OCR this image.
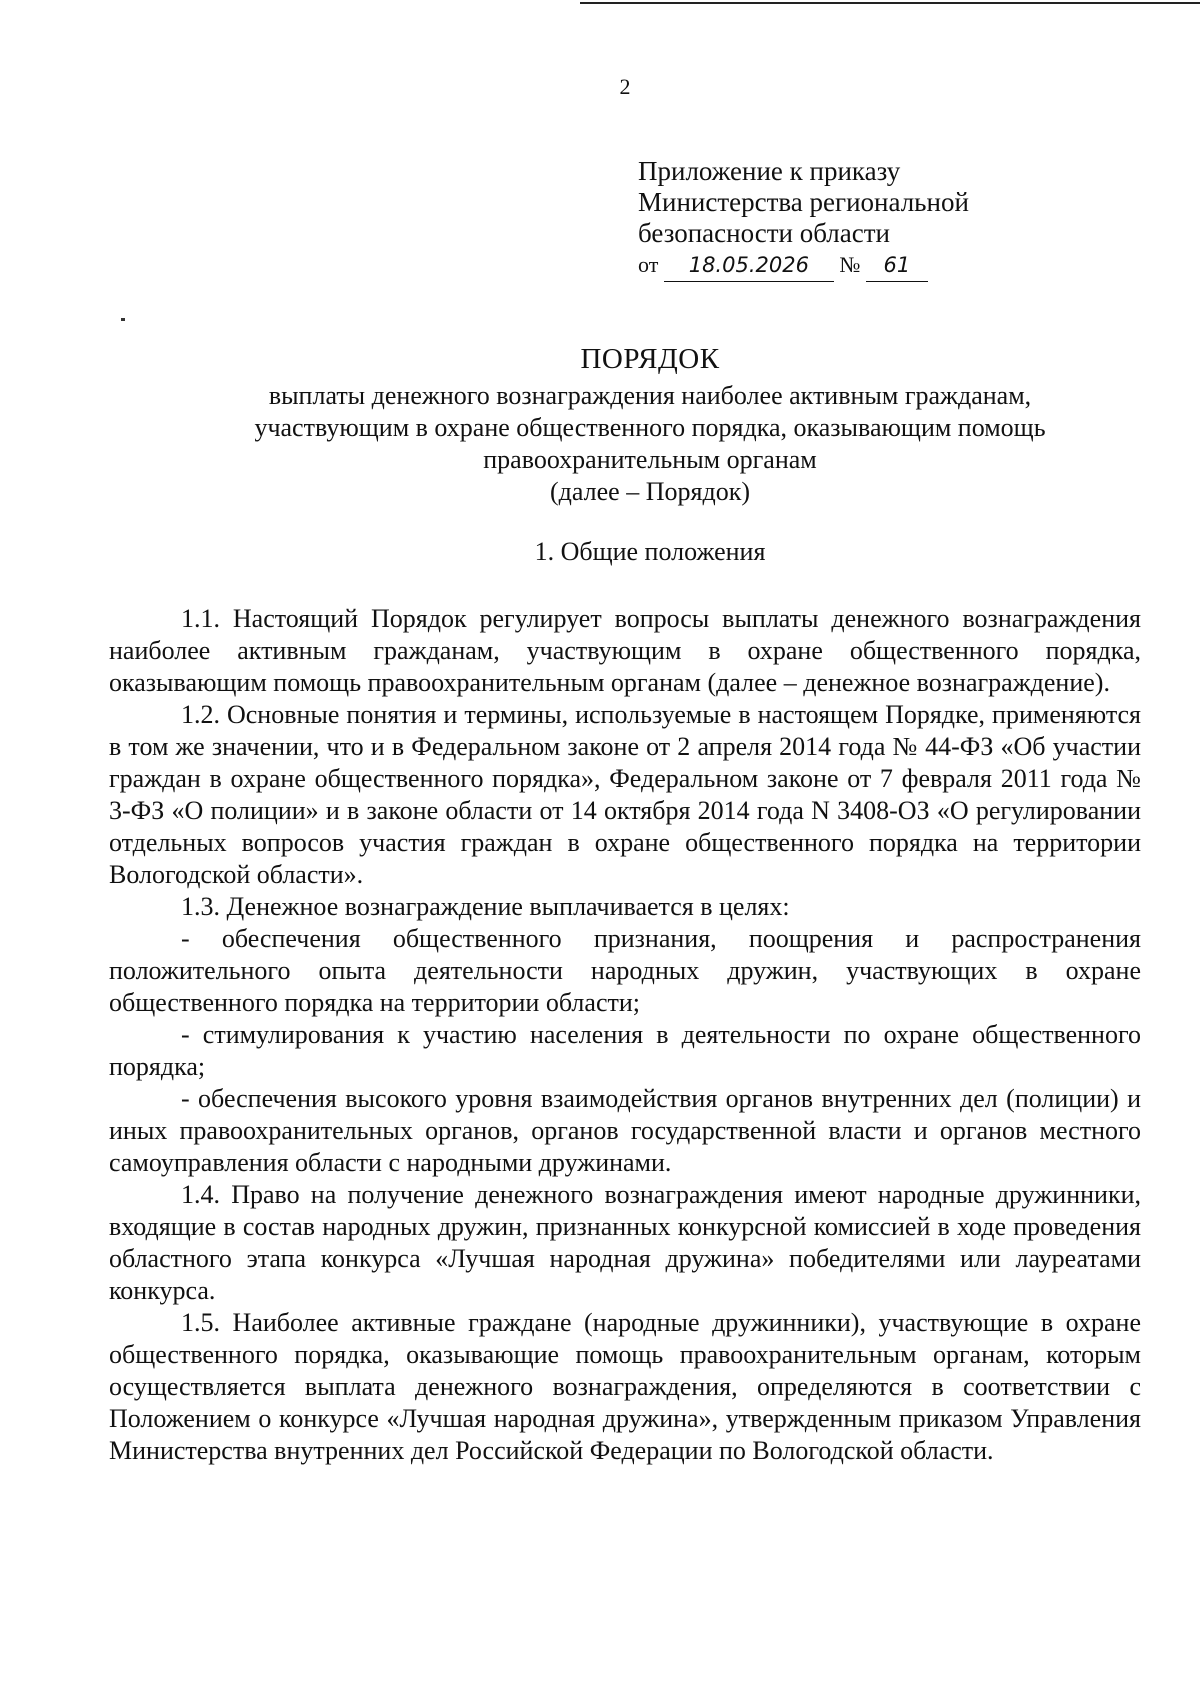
2
Приложение к приказу
Министерства региональной
безопасности области
от 18.05.2026 № 61
ПОРЯДОК
выплаты денежного вознаграждения наиболее активным гражданам,
участвующим в охране общественного порядка, оказывающим помощь
правоохранительным органам
(далее – Порядок)
1. Общие положения

1.1. Настоящий Порядок регулирует вопросы выплаты денежного вознаграждения наиболее активным гражданам, участвующим в охране общественного порядка, оказывающим помощь правоохранительным органам (далее – денежное вознаграждение).

1.2. Основные понятия и термины, используемые в настоящем Порядке, применяются в том же значении, что и в Федеральном законе от 2 апреля 2014 года № 44-ФЗ «Об участии граждан в охране общественного порядка», Федеральном законе от 7 февраля 2011 года № 3-ФЗ «О полиции» и в законе области от 14 октября 2014 года N 3408-ОЗ «О регулировании отдельных вопросов участия граждан в охране общественного порядка на территории Вологодской области».

1.3. Денежное вознаграждение выплачивается в целях:

- обеспечения общественного признания, поощрения и распространения положительного опыта деятельности народных дружин, участвующих в охране общественного порядка на территории области;

- стимулирования к участию населения в деятельности по охране общественного порядка;

- обеспечения высокого уровня взаимодействия органов внутренних дел (полиции) и иных правоохранительных органов, органов государственной власти и органов местного самоуправления области с народными дружинами.

1.4. Право на получение денежного вознаграждения имеют народные дружинники, входящие в состав народных дружин, признанных конкурсной комиссией в ходе проведения областного этапа конкурса «Лучшая народная дружина» победителями или лауреатами конкурса.

1.5. Наиболее активные граждане (народные дружинники), участвующие в охране общественного порядка, оказывающие помощь правоохранительным органам, которым осуществляется выплата денежного вознаграждения, определяются в соответствии с Положением о конкурсе «Лучшая народная дружина», утвержденным приказом Управления Министерства внутренних дел Российской Федерации по Вологодской области.
